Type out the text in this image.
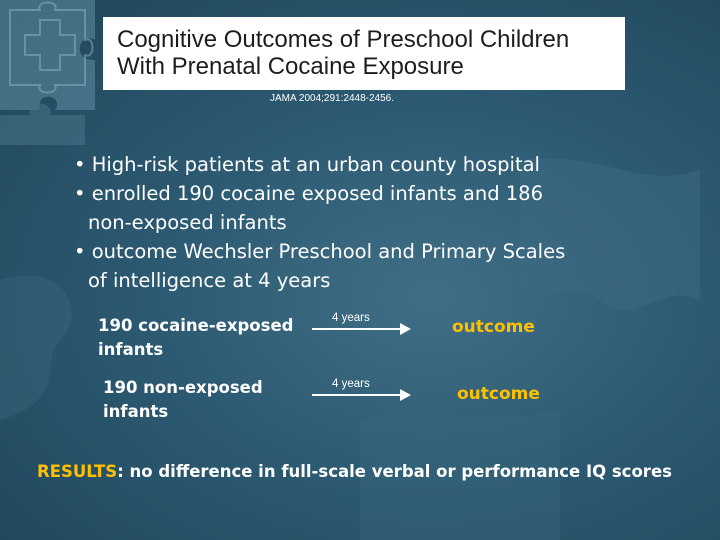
Cognitive Outcomes of Preschool Children
With Prenatal Cocaine Exposure
JAMA 2004;291:2448-2456.
• High-risk patients at an urban county hospital
• enrolled 190 cocaine exposed infants and 186
non-exposed infants
• outcome Wechsler Preschool and Primary Scales
of intelligence at 4 years
190 cocaine-exposed
infants
4 years	outcome
190 non-exposed
infants
4 years	outcome
RESULTS: no difference in full-scale verbal or performance IQ scores
